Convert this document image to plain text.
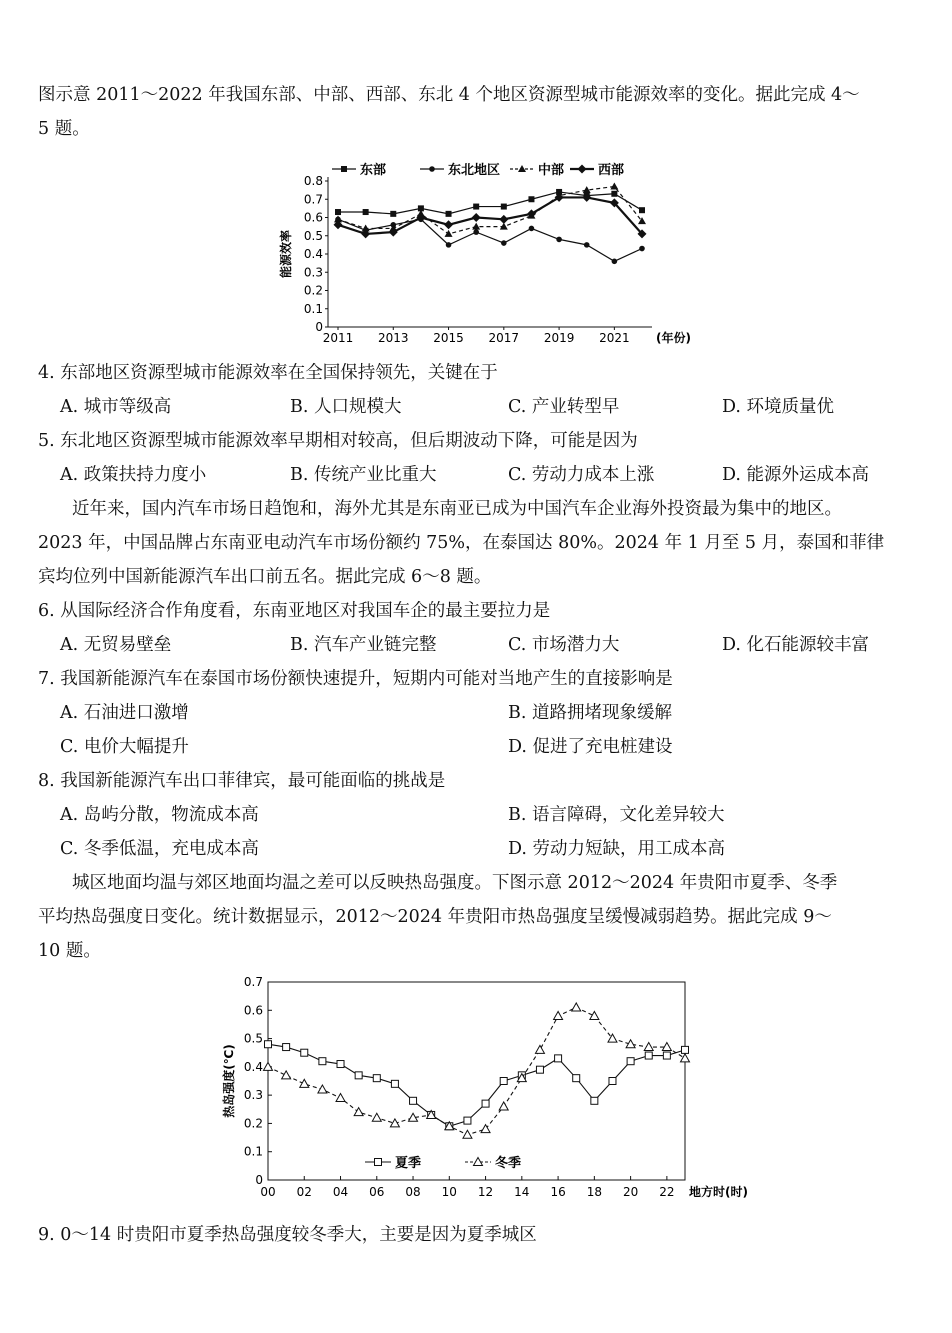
图示意 2011～2022 年我国东部、中部、西部、东北 4 个地区资源型城市能源效率的变化。据此完成 4～
5 题。
0
0.1
0.2
0.3
0.4
0.5
0.6
0.7
0.8
2011 2013 2015 2017 2019 2021 (年份)
能源效率
东部	东北地区	中部	西部
4. 东部地区资源型城市能源效率在全国保持领先，关键在于
A. 城市等级高	B. 人口规模大	C. 产业转型早	D. 环境质量优
5. 东北地区资源型城市能源效率早期相对较高，但后期波动下降，可能是因为
A. 政策扶持力度小	B. 传统产业比重大	C. 劳动力成本上涨	D. 能源外运成本高
近年来，国内汽车市场日趋饱和，海外尤其是东南亚已成为中国汽车企业海外投资最为集中的地区。
2023 年，中国品牌占东南亚电动汽车市场份额约 75%，在泰国达 80%。2024 年 1 月至 5 月，泰国和菲律
宾均位列中国新能源汽车出口前五名。据此完成 6～8 题。
6. 从国际经济合作角度看，东南亚地区对我国车企的最主要拉力是
A. 无贸易壁垒	B. 汽车产业链完整	C. 市场潜力大	D. 化石能源较丰富
7. 我国新能源汽车在泰国市场份额快速提升，短期内可能对当地产生的直接影响是
A. 石油进口激增	B. 道路拥堵现象缓解
C. 电价大幅提升	D. 促进了充电桩建设
8. 我国新能源汽车出口菲律宾，最可能面临的挑战是
A. 岛屿分散，物流成本高	B. 语言障碍，文化差异较大
C. 冬季低温，充电成本高	D. 劳动力短缺，用工成本高
城区地面均温与郊区地面均温之差可以反映热岛强度。下图示意 2012～2024 年贵阳市夏季、冬季
平均热岛强度日变化。统计数据显示，2012～2024 年贵阳市热岛强度呈缓慢减弱趋势。据此完成 9～
10 题。
0
0.1
0.2
0.3
0.4
0.5
0.6
0.7
00 02 04 06 08 10 12 14 16 18 20 22 地方时(时)
热岛强度(℃)
夏季	冬季
9. 0～14 时贵阳市夏季热岛强度较冬季大，主要是因为夏季城区
